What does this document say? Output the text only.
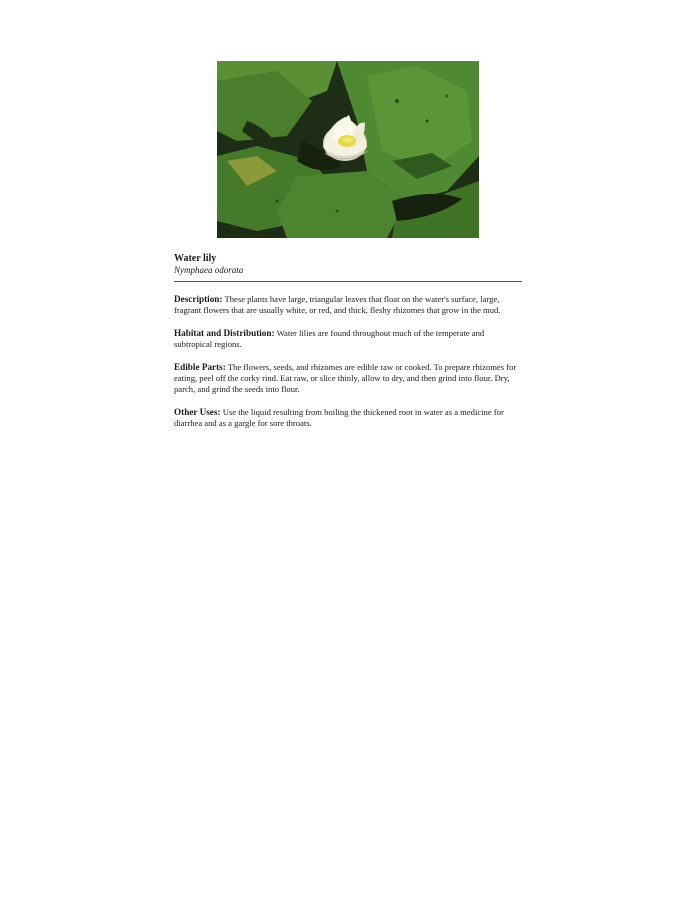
Water lily

Nymphaea odorata

Description: These plants have large, triangular leaves that float on the water's surface, large, fragrant flowers that are usually white, or red, and thick, fleshy rhizomes that grow in the mud.

Habitat and Distribution: Water lilies are found throughout much of the temperate and subtropical regions.

Edible Parts: The flowers, seeds, and rhizomes are edible raw or cooked. To prepare rhizomes for eating, peel off the corky rind. Eat raw, or slice thinly, allow to dry, and then grind into flour. Dry, parch, and grind the seeds into flour.

Other Uses: Use the liquid resulting from boiling the thickened root in water as a medicine for diarrhea and as a gargle for sore throats.
